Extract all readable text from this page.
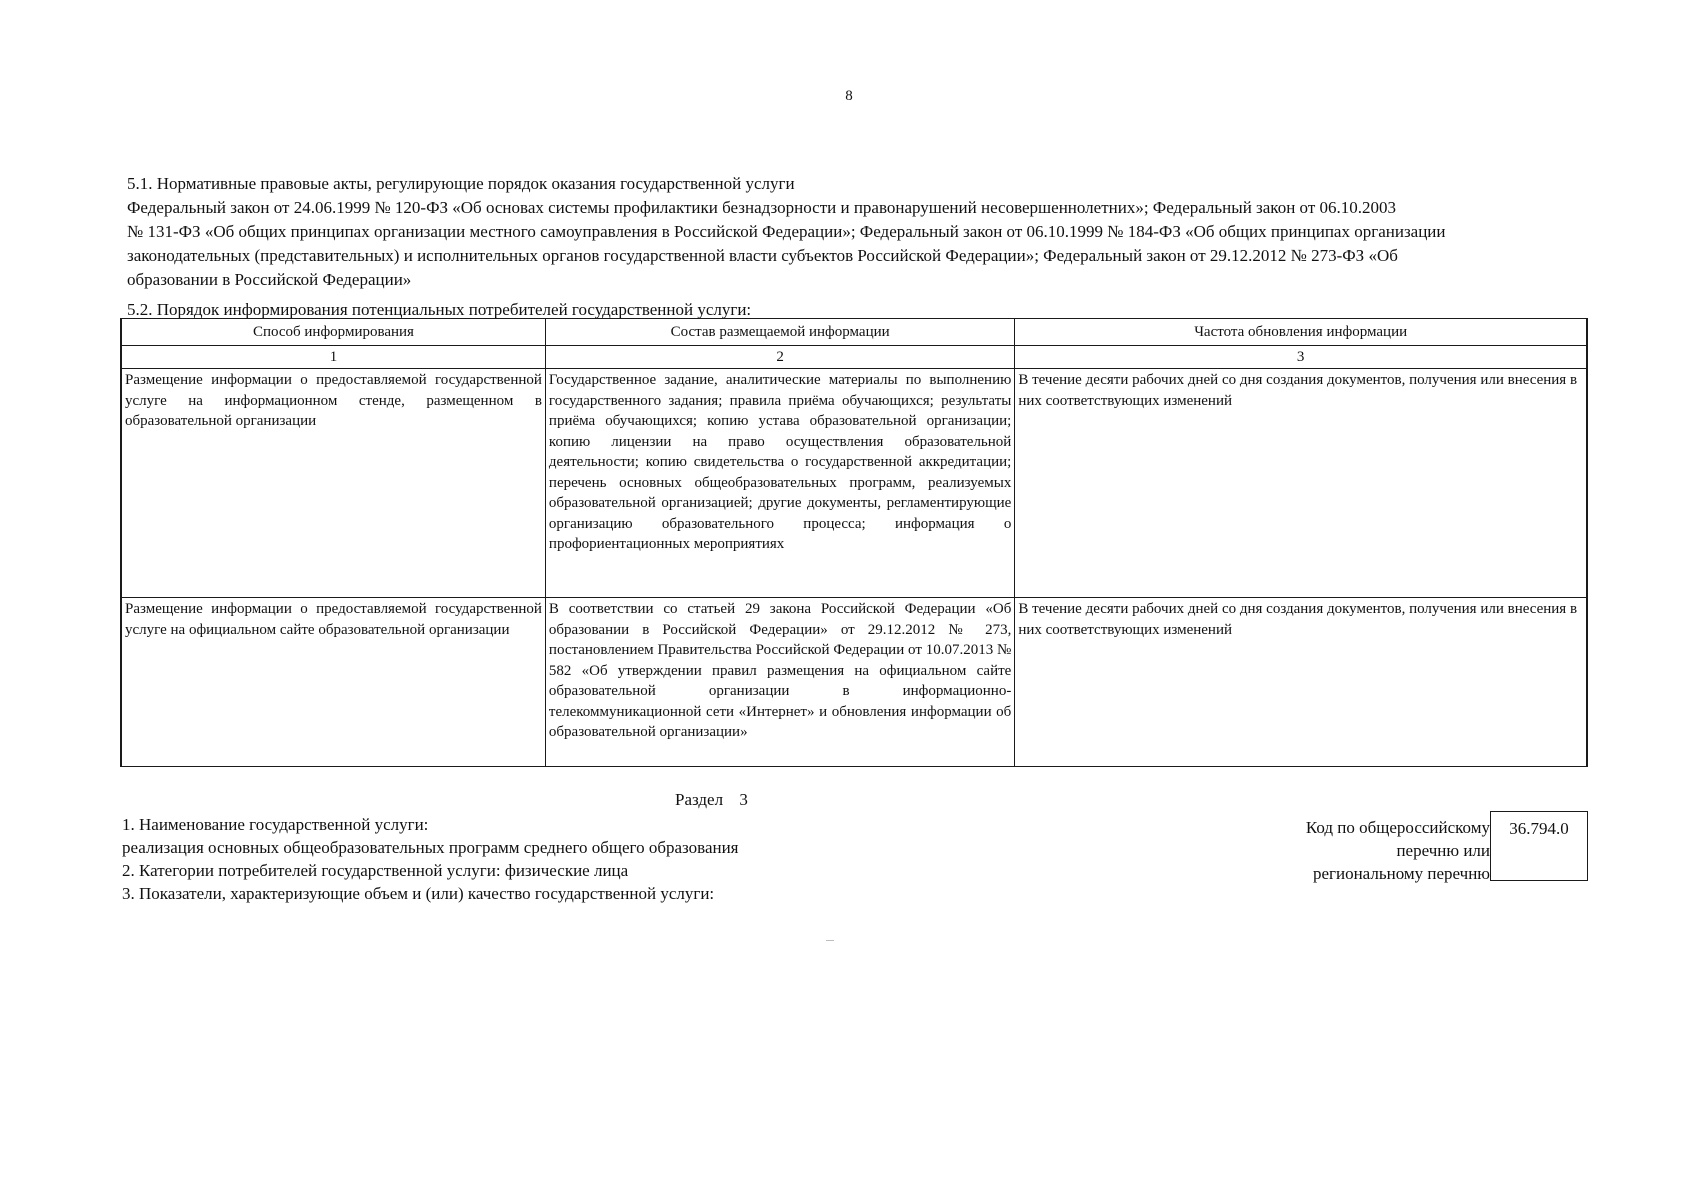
8

5.1. Нормативные правовые акты, регулирующие порядок оказания государственной услуги

Федеральный закон от 24.06.1999 № 120-ФЗ «Об основах системы профилактики безнадзорности и правонарушений несовершеннолетних»; Федеральный закон от 06.10.2003

№ 131-ФЗ «Об общих принципах организации местного самоуправления в Российской Федерации»; Федеральный закон от 06.10.1999 № 184-ФЗ «Об общих принципах организации

законодательных (представительных) и исполнительных органов государственной власти субъектов Российской Федерации»; Федеральный закон от 29.12.2012 № 273-ФЗ «Об

образовании в Российской Федерации»

5.2. Порядок информирования потенциальных потребителей государственной услуги:
Способ информирования	Состав размещаемой информации	Частота обновления информации
1	2	3
Размещение информации о предоставляемой государственной услуге на информационном стенде, размещенном в образовательной организации	Государственное задание, аналитические материалы по выполнению государственного задания; правила приёма обучающихся; результаты приёма обучающихся; копию устава образовательной организации; копию лицензии на право осуществления образовательной деятельности; копию свидетельства о государственной аккредитации; перечень основных общеобразовательных программ, реализуемых образовательной организацией; другие документы, регламентирующие организацию образовательного процесса; информация о профориентационных мероприятиях	В течение десяти рабочих дней со дня создания документов, получения или внесения в них соответствующих изменений
Размещение информации о предоставляемой государственной услуге на официальном сайте образовательной организации	В соответствии со статьей 29 закона Российской Федерации «Об образовании в Российской Федерации» от 29.12.2012 № 273, постановлением Правительства Российской Федерации от 10.07.2013 № 582 «Об утверждении правил размещения на официальном сайте образовательной организации в информационно-телекоммуникационной сети «Интернет» и обновления информации об образовательной организации»	В течение десяти рабочих дней со дня создания документов, получения или внесения в них соответствующих изменений
Раздел 3

1. Наименование государственной услуги:

реализация основных общеобразовательных программ среднего общего образования

2. Категории потребителей государственной услуги: физические лица

3. Показатели, характеризующие объем и (или) качество государственной услуги:

Код по общероссийскому
перечню или
региональному перечню
36.794.0
